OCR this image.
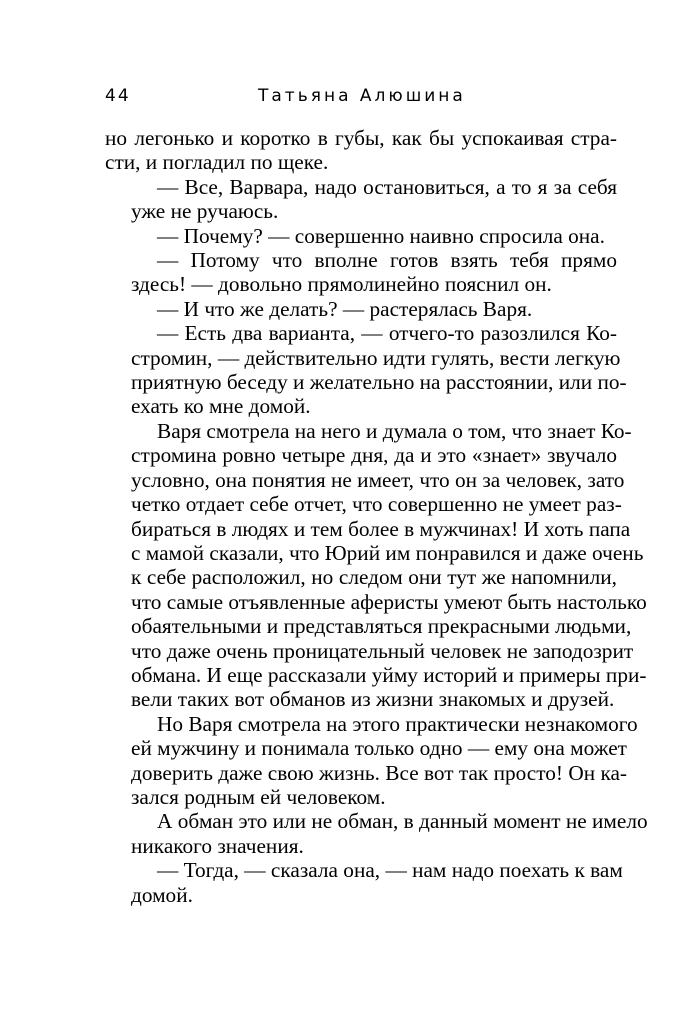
44	Татьяна Алюшина
но легонько и коротко в губы, как бы успокаивая стра-
сти, и погладил по щеке.
— Все, Варвара, надо остановиться, а то я за себя
уже не ручаюсь.
— Почему? — совершенно наивно спросила она.
— Потому что вполне готов взять тебя прямо
здесь! — довольно прямолинейно пояснил он.
— И что же делать? — растерялась Варя.
— Есть два варианта, — отчего-то разозлился Ко-
стромин, — действительно идти гулять, вести легкую
приятную беседу и желательно на расстоянии, или по-
ехать ко мне домой.
Варя смотрела на него и думала о том, что знает Ко-
стромина ровно четыре дня, да и это «знает» звучало
условно, она понятия не имеет, что он за человек, зато
четко отдает себе отчет, что совершенно не умеет раз-
бираться в людях и тем более в мужчинах! И хоть папа
с мамой сказали, что Юрий им понравился и даже очень
к себе расположил, но следом они тут же напомнили,
что самые отъявленные аферисты умеют быть настолько
обаятельными и представляться прекрасными людьми,
что даже очень проницательный человек не заподозрит
обмана. И еще рассказали уйму историй и примеры при-
вели таких вот обманов из жизни знакомых и друзей.
Но Варя смотрела на этого практически незнакомого
ей мужчину и понимала только одно — ему она может
доверить даже свою жизнь. Все вот так просто! Он ка-
зался родным ей человеком.
А обман это или не обман, в данный момент не имело
никакого значения.
— Тогда, — сказала она, — нам надо поехать к вам
домой.
